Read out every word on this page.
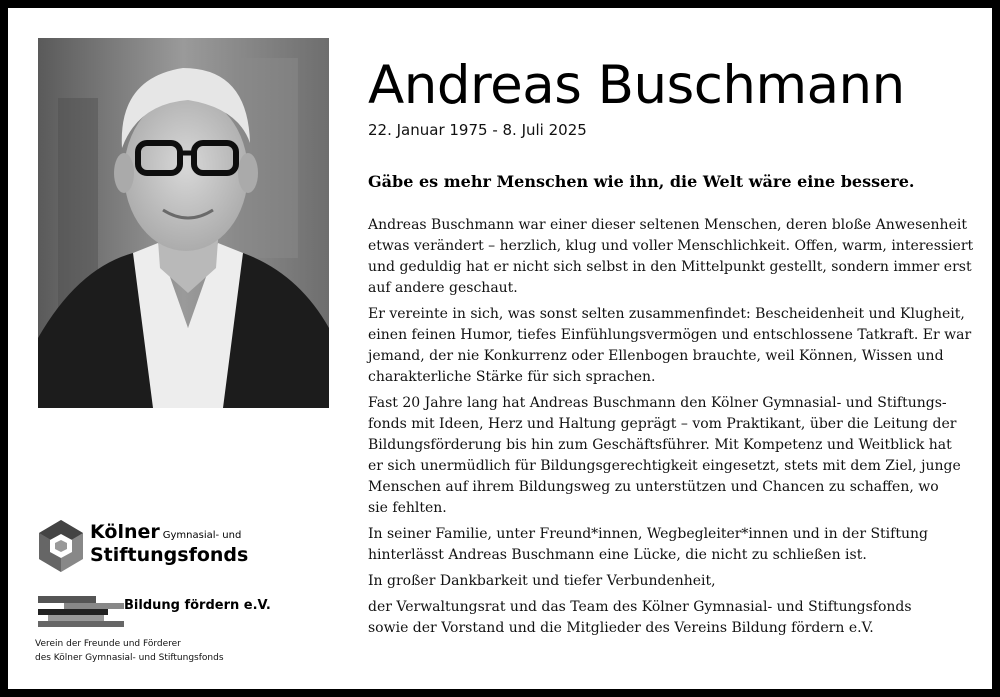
Andreas Buschmann
22. Januar 1975 - 8. Juli 2025
Gäbe es mehr Menschen wie ihn, die Welt wäre eine bessere.

Andreas Buschmann war einer dieser seltenen Menschen, deren bloße Anwesenheit
etwas verändert – herzlich, klug und voller Menschlichkeit. Offen, warm, interessiert
und geduldig hat er nicht sich selbst in den Mittelpunkt gestellt, sondern immer erst
auf andere geschaut.

Er vereinte in sich, was sonst selten zusammenfindet: Bescheidenheit und Klugheit,
einen feinen Humor, tiefes Einfühlungsvermögen und entschlossene Tatkraft. Er war
jemand, der nie Konkurrenz oder Ellenbogen brauchte, weil Können, Wissen und
charakterliche Stärke für sich sprachen.

Fast 20 Jahre lang hat Andreas Buschmann den Kölner Gymnasial- und Stiftungs-
fonds mit Ideen, Herz und Haltung geprägt – vom Praktikant, über die Leitung der
Bildungsförderung bis hin zum Geschäftsführer. Mit Kompetenz und Weitblick hat
er sich unermüdlich für Bildungsgerechtigkeit eingesetzt, stets mit dem Ziel, junge
Menschen auf ihrem Bildungsweg zu unterstützen und Chancen zu schaffen, wo
sie fehlten.

In seiner Familie, unter Freund*innen, Wegbegleiter*innen und in der Stiftung
hinterlässt Andreas Buschmann eine Lücke, die nicht zu schließen ist.

In großer Dankbarkeit und tiefer Verbundenheit,

der Verwaltungsrat und das Team des Kölner Gymnasial- und Stiftungsfonds
sowie der Vorstand und die Mitglieder des Vereins Bildung fördern e.V.

Kölner Gymnasial- und
Stiftungsfonds
Bildung fördern e.V.
Verein der Freunde und Förderer
des Kölner Gymnasial- und Stiftungsfonds
